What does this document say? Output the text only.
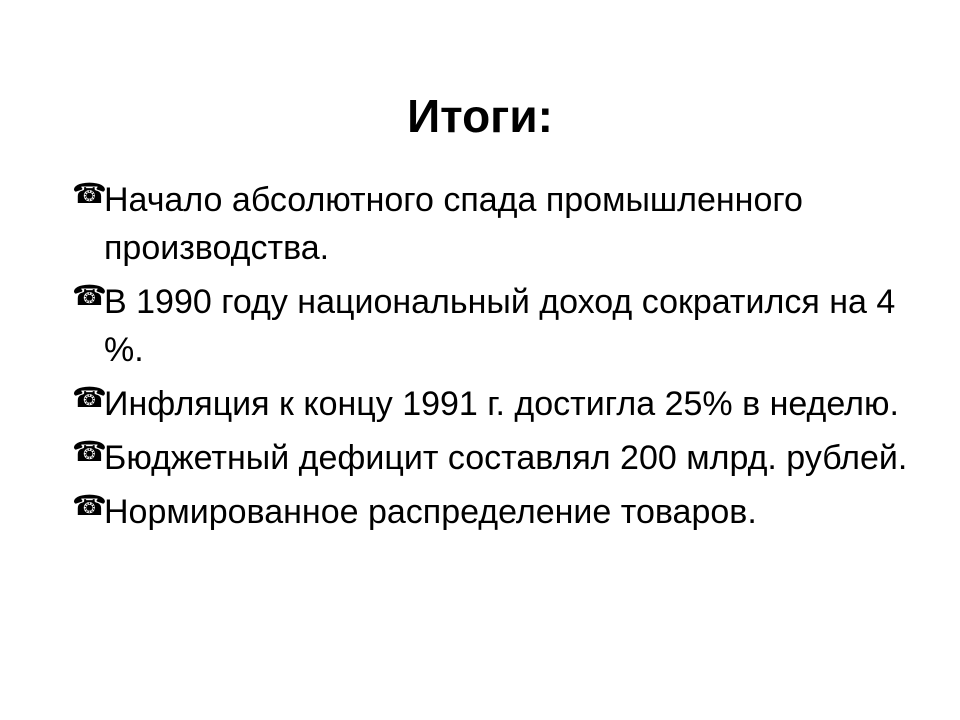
Итоги:
☎
Начало абсолютного спада промышленного производства.
☎
В 1990 году национальный доход сократился на 4 %.
☎
Инфляция к концу 1991 г. достигла 25% в неделю.
☎
Бюджетный дефицит составлял 200 млрд. рублей.
☎
Нормированное распределение товаров.
